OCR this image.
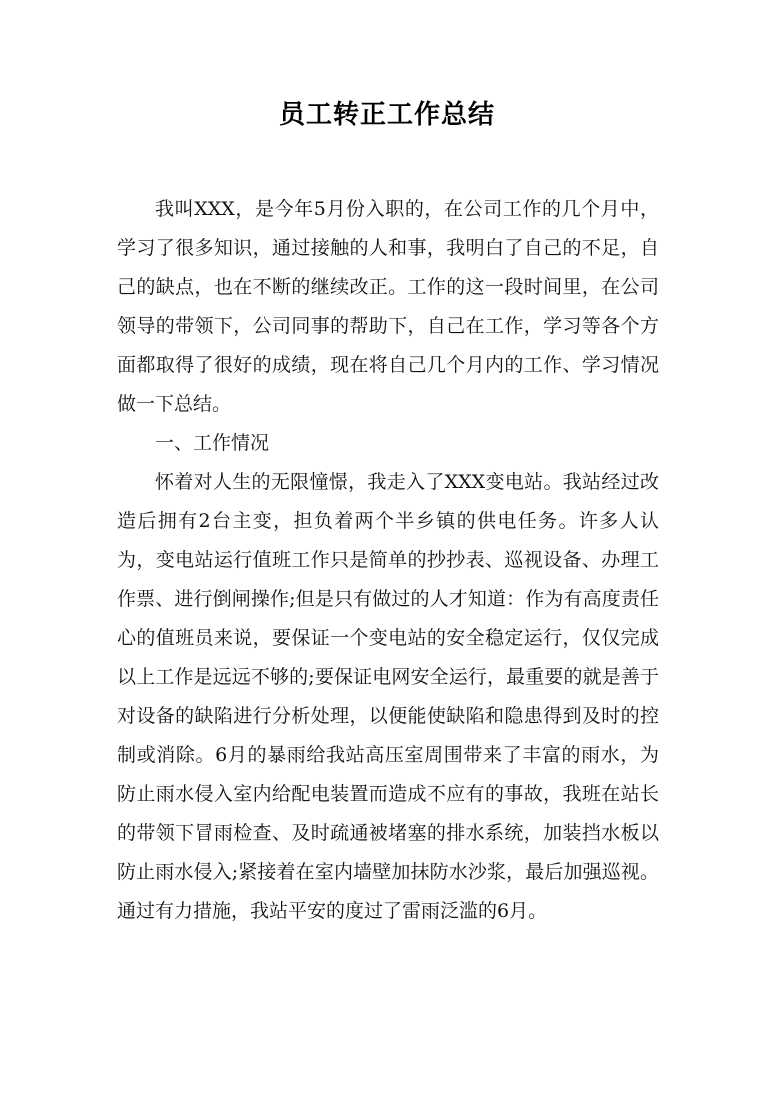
员工转正工作总结

我叫XXX，是今年5月份入职的，在公司工作的几个月中，学习了很多知识，通过接触的人和事，我明白了自己的不足，自己的缺点，也在不断的继续改正。工作的这一段时间里，在公司领导的带领下，公司同事的帮助下，自己在工作，学习等各个方面都取得了很好的成绩，现在将自己几个月内的工作、学习情况做一下总结。

一、工作情况

怀着对人生的无限憧憬，我走入了XXX变电站。我站经过改造后拥有2台主变，担负着两个半乡镇的供电任务。许多人认为，变电站运行值班工作只是简单的抄抄表、巡视设备、办理工作票、进行倒闸操作;但是只有做过的人才知道：作为有高度责任心的值班员来说，要保证一个变电站的安全稳定运行，仅仅完成以上工作是远远不够的;要保证电网安全运行，最重要的就是善于对设备的缺陷进行分析处理，以便能使缺陷和隐患得到及时的控制或消除。6月的暴雨给我站高压室周围带来了丰富的雨水，为防止雨水侵入室内给配电装置而造成不应有的事故，我班在站长的带领下冒雨检查、及时疏通被堵塞的排水系统，加装挡水板以防止雨水侵入;紧接着在室内墙壁加抹防水沙浆，最后加强巡视。通过有力措施，我站平安的度过了雷雨泛滥的6月。
